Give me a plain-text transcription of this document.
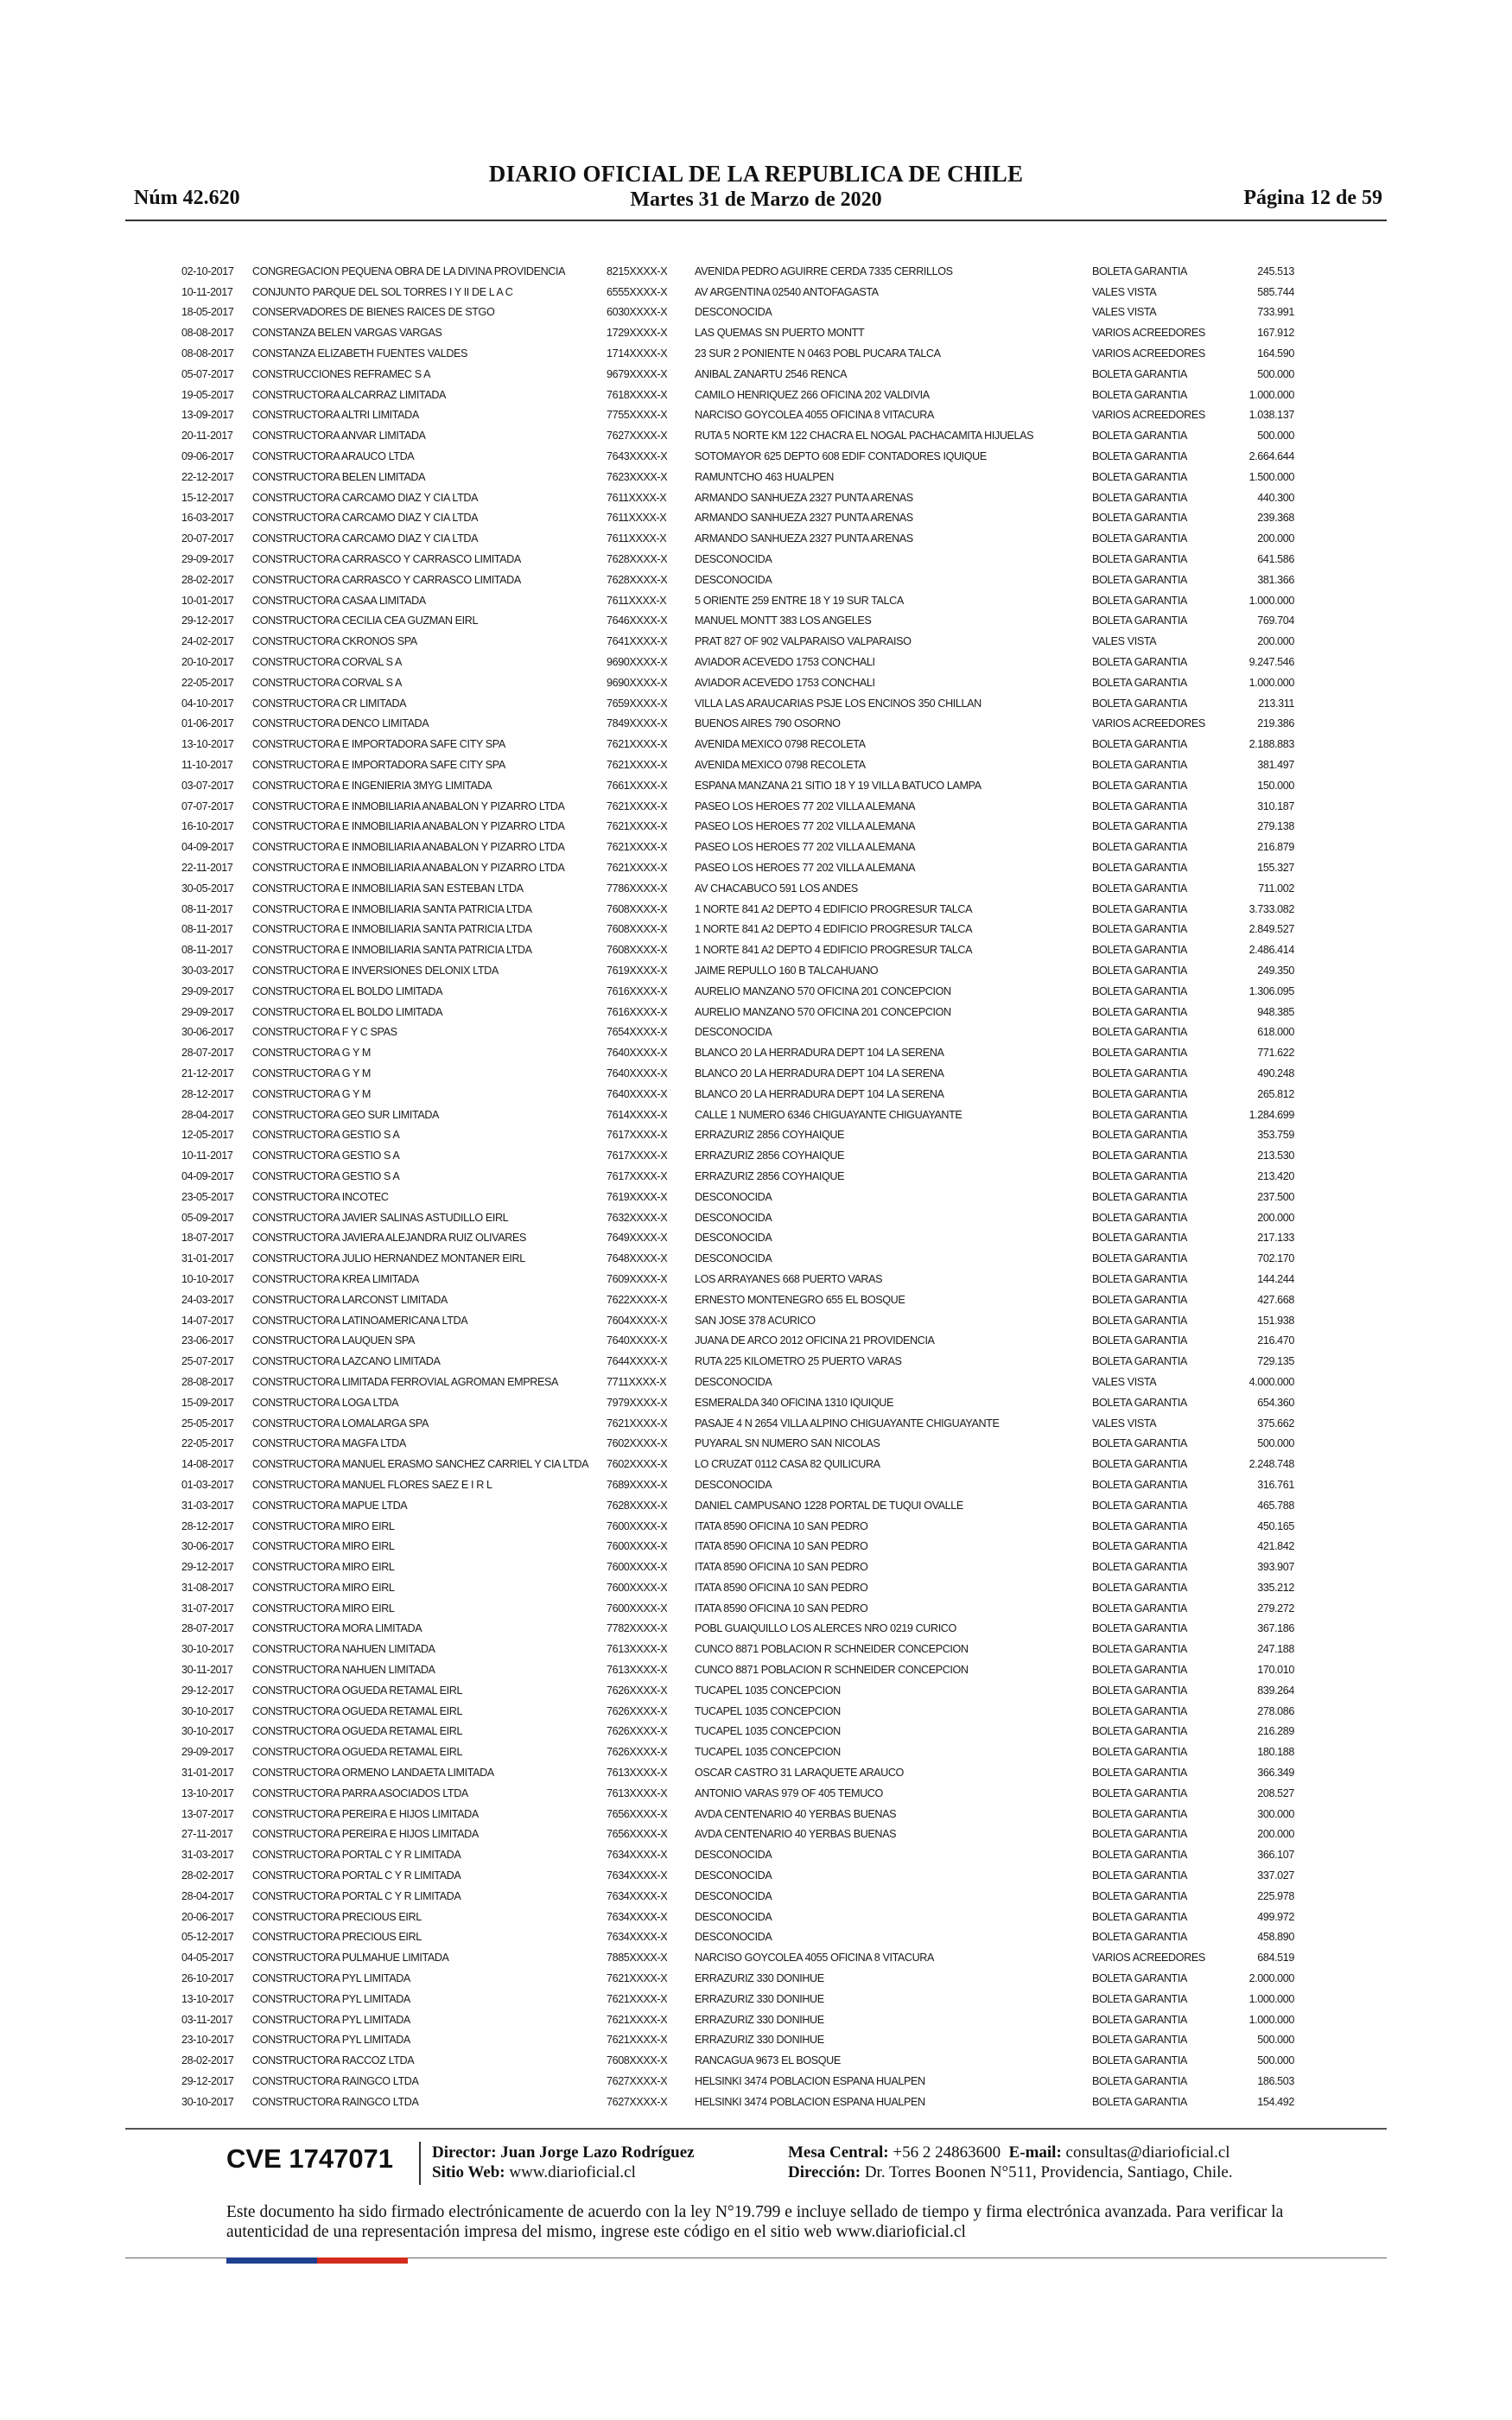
Núm 42.620
DIARIO OFICIAL DE LA REPUBLICA DE CHILE
Martes 31 de Marzo de 2020	Página 12 de 59
02-10-2017	CONGREGACION PEQUENA OBRA DE LA DIVINA PROVIDENCIA	8215XXXX-X	AVENIDA PEDRO AGUIRRE CERDA 7335 CERRILLOS	BOLETA GARANTIA	245.513
10-11-2017	CONJUNTO PARQUE DEL SOL TORRES I Y II DE L A C	6555XXXX-X	AV ARGENTINA 02540 ANTOFAGASTA	VALES VISTA	585.744
18-05-2017	CONSERVADORES DE BIENES RAICES DE STGO	6030XXXX-X	DESCONOCIDA	VALES VISTA	733.991
08-08-2017	CONSTANZA BELEN VARGAS VARGAS	1729XXXX-X	LAS QUEMAS SN PUERTO MONTT	VARIOS ACREEDORES	167.912
08-08-2017	CONSTANZA ELIZABETH FUENTES VALDES	1714XXXX-X	23 SUR 2 PONIENTE N 0463 POBL PUCARA TALCA	VARIOS ACREEDORES	164.590
05-07-2017	CONSTRUCCIONES REFRAMEC S A	9679XXXX-X	ANIBAL ZANARTU 2546 RENCA	BOLETA GARANTIA	500.000
19-05-2017	CONSTRUCTORA ALCARRAZ LIMITADA	7618XXXX-X	CAMILO HENRIQUEZ 266 OFICINA 202 VALDIVIA	BOLETA GARANTIA	1.000.000
13-09-2017	CONSTRUCTORA ALTRI LIMITADA	7755XXXX-X	NARCISO GOYCOLEA 4055 OFICINA 8 VITACURA	VARIOS ACREEDORES	1.038.137
20-11-2017	CONSTRUCTORA ANVAR LIMITADA	7627XXXX-X	RUTA 5 NORTE KM 122 CHACRA EL NOGAL PACHACAMITA HIJUELAS	BOLETA GARANTIA	500.000
09-06-2017	CONSTRUCTORA ARAUCO LTDA	7643XXXX-X	SOTOMAYOR 625 DEPTO 608 EDIF CONTADORES IQUIQUE	BOLETA GARANTIA	2.664.644
22-12-2017	CONSTRUCTORA BELEN LIMITADA	7623XXXX-X	RAMUNTCHO 463 HUALPEN	BOLETA GARANTIA	1.500.000
15-12-2017	CONSTRUCTORA CARCAMO DIAZ Y CIA LTDA	7611XXXX-X	ARMANDO SANHUEZA 2327 PUNTA ARENAS	BOLETA GARANTIA	440.300
16-03-2017	CONSTRUCTORA CARCAMO DIAZ Y CIA LTDA	7611XXXX-X	ARMANDO SANHUEZA 2327 PUNTA ARENAS	BOLETA GARANTIA	239.368
20-07-2017	CONSTRUCTORA CARCAMO DIAZ Y CIA LTDA	7611XXXX-X	ARMANDO SANHUEZA 2327 PUNTA ARENAS	BOLETA GARANTIA	200.000
29-09-2017	CONSTRUCTORA CARRASCO Y CARRASCO LIMITADA	7628XXXX-X	DESCONOCIDA	BOLETA GARANTIA	641.586
28-02-2017	CONSTRUCTORA CARRASCO Y CARRASCO LIMITADA	7628XXXX-X	DESCONOCIDA	BOLETA GARANTIA	381.366
10-01-2017	CONSTRUCTORA CASAA LIMITADA	7611XXXX-X	5 ORIENTE 259 ENTRE 18 Y 19 SUR TALCA	BOLETA GARANTIA	1.000.000
29-12-2017	CONSTRUCTORA CECILIA CEA GUZMAN EIRL	7646XXXX-X	MANUEL MONTT 383 LOS ANGELES	BOLETA GARANTIA	769.704
24-02-2017	CONSTRUCTORA CKRONOS SPA	7641XXXX-X	PRAT 827 OF 902 VALPARAISO VALPARAISO	VALES VISTA	200.000
20-10-2017	CONSTRUCTORA CORVAL S A	9690XXXX-X	AVIADOR ACEVEDO 1753 CONCHALI	BOLETA GARANTIA	9.247.546
22-05-2017	CONSTRUCTORA CORVAL S A	9690XXXX-X	AVIADOR ACEVEDO 1753 CONCHALI	BOLETA GARANTIA	1.000.000
04-10-2017	CONSTRUCTORA CR LIMITADA	7659XXXX-X	VILLA LAS ARAUCARIAS PSJE LOS ENCINOS 350 CHILLAN	BOLETA GARANTIA	213.311
01-06-2017	CONSTRUCTORA DENCO LIMITADA	7849XXXX-X	BUENOS AIRES 790 OSORNO	VARIOS ACREEDORES	219.386
13-10-2017	CONSTRUCTORA E IMPORTADORA SAFE CITY SPA	7621XXXX-X	AVENIDA MEXICO 0798 RECOLETA	BOLETA GARANTIA	2.188.883
11-10-2017	CONSTRUCTORA E IMPORTADORA SAFE CITY SPA	7621XXXX-X	AVENIDA MEXICO 0798 RECOLETA	BOLETA GARANTIA	381.497
03-07-2017	CONSTRUCTORA E INGENIERIA 3MYG LIMITADA	7661XXXX-X	ESPANA MANZANA 21 SITIO 18 Y 19 VILLA BATUCO LAMPA	BOLETA GARANTIA	150.000
07-07-2017	CONSTRUCTORA E INMOBILIARIA ANABALON Y PIZARRO LTDA	7621XXXX-X	PASEO LOS HEROES 77 202 VILLA ALEMANA	BOLETA GARANTIA	310.187
16-10-2017	CONSTRUCTORA E INMOBILIARIA ANABALON Y PIZARRO LTDA	7621XXXX-X	PASEO LOS HEROES 77 202 VILLA ALEMANA	BOLETA GARANTIA	279.138
04-09-2017	CONSTRUCTORA E INMOBILIARIA ANABALON Y PIZARRO LTDA	7621XXXX-X	PASEO LOS HEROES 77 202 VILLA ALEMANA	BOLETA GARANTIA	216.879
22-11-2017	CONSTRUCTORA E INMOBILIARIA ANABALON Y PIZARRO LTDA	7621XXXX-X	PASEO LOS HEROES 77 202 VILLA ALEMANA	BOLETA GARANTIA	155.327
30-05-2017	CONSTRUCTORA E INMOBILIARIA SAN ESTEBAN LTDA	7786XXXX-X	AV CHACABUCO 591 LOS ANDES	BOLETA GARANTIA	711.002
08-11-2017	CONSTRUCTORA E INMOBILIARIA SANTA PATRICIA LTDA	7608XXXX-X	1 NORTE 841 A2 DEPTO 4 EDIFICIO PROGRESUR TALCA	BOLETA GARANTIA	3.733.082
08-11-2017	CONSTRUCTORA E INMOBILIARIA SANTA PATRICIA LTDA	7608XXXX-X	1 NORTE 841 A2 DEPTO 4 EDIFICIO PROGRESUR TALCA	BOLETA GARANTIA	2.849.527
08-11-2017	CONSTRUCTORA E INMOBILIARIA SANTA PATRICIA LTDA	7608XXXX-X	1 NORTE 841 A2 DEPTO 4 EDIFICIO PROGRESUR TALCA	BOLETA GARANTIA	2.486.414
30-03-2017	CONSTRUCTORA E INVERSIONES DELONIX LTDA	7619XXXX-X	JAIME REPULLO 160 B TALCAHUANO	BOLETA GARANTIA	249.350
29-09-2017	CONSTRUCTORA EL BOLDO LIMITADA	7616XXXX-X	AURELIO MANZANO 570 OFICINA 201 CONCEPCION	BOLETA GARANTIA	1.306.095
29-09-2017	CONSTRUCTORA EL BOLDO LIMITADA	7616XXXX-X	AURELIO MANZANO 570 OFICINA 201 CONCEPCION	BOLETA GARANTIA	948.385
30-06-2017	CONSTRUCTORA F Y C SPAS	7654XXXX-X	DESCONOCIDA	BOLETA GARANTIA	618.000
28-07-2017	CONSTRUCTORA G Y M	7640XXXX-X	BLANCO 20 LA HERRADURA DEPT 104 LA SERENA	BOLETA GARANTIA	771.622
21-12-2017	CONSTRUCTORA G Y M	7640XXXX-X	BLANCO 20 LA HERRADURA DEPT 104 LA SERENA	BOLETA GARANTIA	490.248
28-12-2017	CONSTRUCTORA G Y M	7640XXXX-X	BLANCO 20 LA HERRADURA DEPT 104 LA SERENA	BOLETA GARANTIA	265.812
28-04-2017	CONSTRUCTORA GEO SUR LIMITADA	7614XXXX-X	CALLE 1 NUMERO 6346 CHIGUAYANTE CHIGUAYANTE	BOLETA GARANTIA	1.284.699
12-05-2017	CONSTRUCTORA GESTIO S A	7617XXXX-X	ERRAZURIZ 2856 COYHAIQUE	BOLETA GARANTIA	353.759
10-11-2017	CONSTRUCTORA GESTIO S A	7617XXXX-X	ERRAZURIZ 2856 COYHAIQUE	BOLETA GARANTIA	213.530
04-09-2017	CONSTRUCTORA GESTIO S A	7617XXXX-X	ERRAZURIZ 2856 COYHAIQUE	BOLETA GARANTIA	213.420
23-05-2017	CONSTRUCTORA INCOTEC	7619XXXX-X	DESCONOCIDA	BOLETA GARANTIA	237.500
05-09-2017	CONSTRUCTORA JAVIER SALINAS ASTUDILLO EIRL	7632XXXX-X	DESCONOCIDA	BOLETA GARANTIA	200.000
18-07-2017	CONSTRUCTORA JAVIERA ALEJANDRA RUIZ OLIVARES	7649XXXX-X	DESCONOCIDA	BOLETA GARANTIA	217.133
31-01-2017	CONSTRUCTORA JULIO HERNANDEZ MONTANER EIRL	7648XXXX-X	DESCONOCIDA	BOLETA GARANTIA	702.170
10-10-2017	CONSTRUCTORA KREA LIMITADA	7609XXXX-X	LOS ARRAYANES 668 PUERTO VARAS	BOLETA GARANTIA	144.244
24-03-2017	CONSTRUCTORA LARCONST LIMITADA	7622XXXX-X	ERNESTO MONTENEGRO 655 EL BOSQUE	BOLETA GARANTIA	427.668
14-07-2017	CONSTRUCTORA LATINOAMERICANA LTDA	7604XXXX-X	SAN JOSE 378 ACURICO	BOLETA GARANTIA	151.938
23-06-2017	CONSTRUCTORA LAUQUEN SPA	7640XXXX-X	JUANA DE ARCO 2012 OFICINA 21 PROVIDENCIA	BOLETA GARANTIA	216.470
25-07-2017	CONSTRUCTORA LAZCANO LIMITADA	7644XXXX-X	RUTA 225 KILOMETRO 25 PUERTO VARAS	BOLETA GARANTIA	729.135
28-08-2017	CONSTRUCTORA LIMITADA FERROVIAL AGROMAN EMPRESA	7711XXXX-X	DESCONOCIDA	VALES VISTA	4.000.000
15-09-2017	CONSTRUCTORA LOGA LTDA	7979XXXX-X	ESMERALDA 340 OFICINA 1310 IQUIQUE	BOLETA GARANTIA	654.360
25-05-2017	CONSTRUCTORA LOMALARGA SPA	7621XXXX-X	PASAJE 4 N 2654 VILLA ALPINO CHIGUAYANTE CHIGUAYANTE	VALES VISTA	375.662
22-05-2017	CONSTRUCTORA MAGFA LTDA	7602XXXX-X	PUYARAL SN NUMERO SAN NICOLAS	BOLETA GARANTIA	500.000
14-08-2017	CONSTRUCTORA MANUEL ERASMO SANCHEZ CARRIEL Y CIA LTDA	7602XXXX-X	LO CRUZAT 0112 CASA 82 QUILICURA	BOLETA GARANTIA	2.248.748
01-03-2017	CONSTRUCTORA MANUEL FLORES SAEZ E I R L	7689XXXX-X	DESCONOCIDA	BOLETA GARANTIA	316.761
31-03-2017	CONSTRUCTORA MAPUE LTDA	7628XXXX-X	DANIEL CAMPUSANO 1228 PORTAL DE TUQUI OVALLE	BOLETA GARANTIA	465.788
28-12-2017	CONSTRUCTORA MIRO EIRL	7600XXXX-X	ITATA 8590 OFICINA 10 SAN PEDRO	BOLETA GARANTIA	450.165
30-06-2017	CONSTRUCTORA MIRO EIRL	7600XXXX-X	ITATA 8590 OFICINA 10 SAN PEDRO	BOLETA GARANTIA	421.842
29-12-2017	CONSTRUCTORA MIRO EIRL	7600XXXX-X	ITATA 8590 OFICINA 10 SAN PEDRO	BOLETA GARANTIA	393.907
31-08-2017	CONSTRUCTORA MIRO EIRL	7600XXXX-X	ITATA 8590 OFICINA 10 SAN PEDRO	BOLETA GARANTIA	335.212
31-07-2017	CONSTRUCTORA MIRO EIRL	7600XXXX-X	ITATA 8590 OFICINA 10 SAN PEDRO	BOLETA GARANTIA	279.272
28-07-2017	CONSTRUCTORA MORA LIMITADA	7782XXXX-X	POBL GUAIQUILLO LOS ALERCES NRO 0219 CURICO	BOLETA GARANTIA	367.186
30-10-2017	CONSTRUCTORA NAHUEN LIMITADA	7613XXXX-X	CUNCO 8871 POBLACION R SCHNEIDER CONCEPCION	BOLETA GARANTIA	247.188
30-11-2017	CONSTRUCTORA NAHUEN LIMITADA	7613XXXX-X	CUNCO 8871 POBLACION R SCHNEIDER CONCEPCION	BOLETA GARANTIA	170.010
29-12-2017	CONSTRUCTORA OGUEDA RETAMAL EIRL	7626XXXX-X	TUCAPEL 1035 CONCEPCION	BOLETA GARANTIA	839.264
30-10-2017	CONSTRUCTORA OGUEDA RETAMAL EIRL	7626XXXX-X	TUCAPEL 1035 CONCEPCION	BOLETA GARANTIA	278.086
30-10-2017	CONSTRUCTORA OGUEDA RETAMAL EIRL	7626XXXX-X	TUCAPEL 1035 CONCEPCION	BOLETA GARANTIA	216.289
29-09-2017	CONSTRUCTORA OGUEDA RETAMAL EIRL	7626XXXX-X	TUCAPEL 1035 CONCEPCION	BOLETA GARANTIA	180.188
31-01-2017	CONSTRUCTORA ORMENO LANDAETA LIMITADA	7613XXXX-X	OSCAR CASTRO 31 LARAQUETE ARAUCO	BOLETA GARANTIA	366.349
13-10-2017	CONSTRUCTORA PARRA ASOCIADOS LTDA	7613XXXX-X	ANTONIO VARAS 979 OF 405 TEMUCO	BOLETA GARANTIA	208.527
13-07-2017	CONSTRUCTORA PEREIRA E HIJOS LIMITADA	7656XXXX-X	AVDA CENTENARIO 40 YERBAS BUENAS	BOLETA GARANTIA	300.000
27-11-2017	CONSTRUCTORA PEREIRA E HIJOS LIMITADA	7656XXXX-X	AVDA CENTENARIO 40 YERBAS BUENAS	BOLETA GARANTIA	200.000
31-03-2017	CONSTRUCTORA PORTAL C Y R LIMITADA	7634XXXX-X	DESCONOCIDA	BOLETA GARANTIA	366.107
28-02-2017	CONSTRUCTORA PORTAL C Y R LIMITADA	7634XXXX-X	DESCONOCIDA	BOLETA GARANTIA	337.027
28-04-2017	CONSTRUCTORA PORTAL C Y R LIMITADA	7634XXXX-X	DESCONOCIDA	BOLETA GARANTIA	225.978
20-06-2017	CONSTRUCTORA PRECIOUS EIRL	7634XXXX-X	DESCONOCIDA	BOLETA GARANTIA	499.972
05-12-2017	CONSTRUCTORA PRECIOUS EIRL	7634XXXX-X	DESCONOCIDA	BOLETA GARANTIA	458.890
04-05-2017	CONSTRUCTORA PULMAHUE LIMITADA	7885XXXX-X	NARCISO GOYCOLEA 4055 OFICINA 8 VITACURA	VARIOS ACREEDORES	684.519
26-10-2017	CONSTRUCTORA PYL LIMITADA	7621XXXX-X	ERRAZURIZ 330 DONIHUE	BOLETA GARANTIA	2.000.000
13-10-2017	CONSTRUCTORA PYL LIMITADA	7621XXXX-X	ERRAZURIZ 330 DONIHUE	BOLETA GARANTIA	1.000.000
03-11-2017	CONSTRUCTORA PYL LIMITADA	7621XXXX-X	ERRAZURIZ 330 DONIHUE	BOLETA GARANTIA	1.000.000
23-10-2017	CONSTRUCTORA PYL LIMITADA	7621XXXX-X	ERRAZURIZ 330 DONIHUE	BOLETA GARANTIA	500.000
28-02-2017	CONSTRUCTORA RACCOZ LTDA	7608XXXX-X	RANCAGUA 9673 EL BOSQUE	BOLETA GARANTIA	500.000
29-12-2017	CONSTRUCTORA RAINGCO LTDA	7627XXXX-X	HELSINKI 3474 POBLACION ESPANA HUALPEN	BOLETA GARANTIA	186.503
30-10-2017	CONSTRUCTORA RAINGCO LTDA	7627XXXX-X	HELSINKI 3474 POBLACION ESPANA HUALPEN	BOLETA GARANTIA	154.492
CVE 1747071 Director: Juan Jorge Lazo Rodríguez
Sitio Web: www.diarioficial.cl
Mesa Central: +56 2 24863600 E-mail: consultas@diarioficial.cl
Dirección: Dr. Torres Boonen N°511, Providencia, Santiago, Chile.
Este documento ha sido firmado electrónicamente de acuerdo con la ley N°19.799 e incluye sellado de tiempo y firma electrónica avanzada. Para verificar la autenticidad de una representación impresa del mismo, ingrese este código en el sitio web www.diarioficial.cl
